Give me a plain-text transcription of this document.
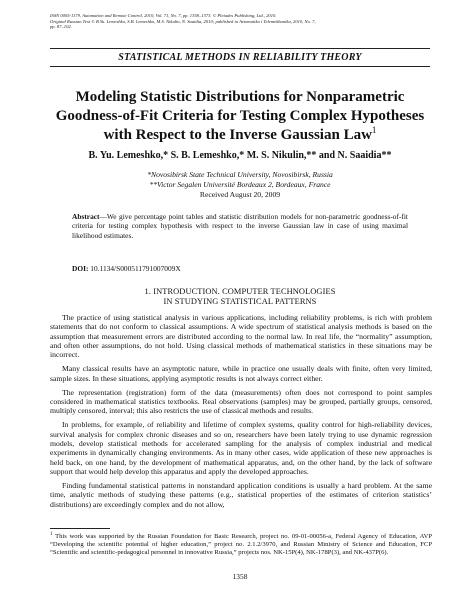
ISSN 0005-1179, Automation and Remote Control, 2010, Vol. 71, No. 7, pp. 1358–1373. © Pleiades Publishing, Ltd., 2010.
Original Russian Text © B.Yu. Lemeshko, S.B. Lemeshko, M.S. Nikulin, N. Saaidia, 2010; published in Avtomatika i Telemekhanika, 2010, No. 7,
pp. 87–102.
STATISTICAL METHODS IN RELIABILITY THEORY
Modeling Statistic Distributions for Nonparametric
Goodness-of-Fit Criteria for Testing Complex Hypotheses
with Respect to the Inverse Gaussian Law$^1$
B. Yu. Lemeshko,* S. B. Lemeshko,* M. S. Nikulin,** and N. Saaidia**
*Novosibirsk State Technical University, Novosibirsk, Russia
**Victor Segalen Université Bordeaux 2, Bordeaux, France
Received August 20, 2009
Abstract—We give percentage point tables and statistic distribution models for non-parametric goodness-of-fit criteria for testing complex hypothesis with respect to the inverse Gaussian law in case of using maximal likelihood estimates.
DOI: 10.1134/S000511791007009X
1. INTRODUCTION. COMPUTER TECHNOLOGIES
IN STUDYING STATISTICAL PATTERNS

The practice of using statistical analysis in various applications, including reliability problems, is rich with problem statements that do not conform to classical assumptions. A wide spectrum of statistical analysis methods is based on the assumption that measurement errors are distributed according to the normal law. In real life, the “normality” assumption, and often other assumptions, do not hold. Using classical methods of mathematical statistics in these situations may be incorrect.

Many classical results have an asymptotic nature, while in practice one usually deals with finite, often very limited, sample sizes. In these situations, applying asymptotic results is not always correct either.

The representation (registration) form of the data (measurements) often does not correspond to point samples considered in mathematical statistics textbooks. Real observations (samples) may be grouped, partially groups, censored, multiply censored, interval; this also restricts the use of classical methods and results.

In problems, for example, of reliability and lifetime of complex systems, quality control for high-reliability devices, survival analysis for complex chronic diseases and so on, researchers have been lately trying to use dynamic regression models, develop statistical methods for accelerated sampling for the analysis of complex industrial and medical experiments in dynamically changing environments. As in many other cases, wide application of these new approaches is held back, on one hand, by the development of mathematical apparatus, and, on the other hand, by the lack of software support that would help develop this apparatus and apply the developed approaches.

Finding fundamental statistical patterns in nonstandard application conditions is usually a hard problem. At the same time, analytic methods of studying these patterns (e.g., statistical properties of the estimates of criterion statistics’ distributions) are exceedingly complex and do not allow,

$^1$ This work was supported by the Russian Foundation for Basic Research, project no. 09-01-00056-a, Federal Agency of Education, AVP “Developing the scientific potential of higher education,” project no. 2.1.2/3970, and Russian Ministry of Science and Education, FCP “Scientific and scientific-pedagogical personnel in innovative Russia,” projects nos. NK-15P(4), NK-178P(3), and NK-437P(6).
1358
